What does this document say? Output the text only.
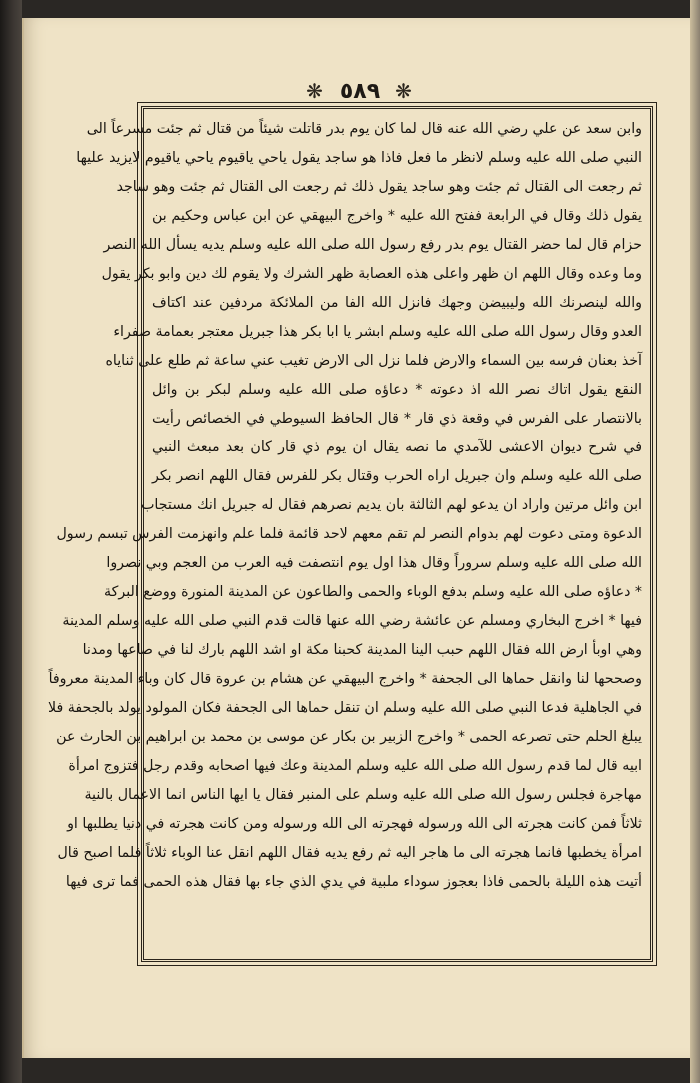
❋ ٥٨٩ ❋
وابن سعد عن علي رضي الله عنه قال لما كان يوم بدر قاتلت شيئاً من قتال ثم جئت مسرعاً الى
النبي صلى الله عليه وسلم لانظر ما فعل فاذا هو ساجد يقول ياحي ياقيوم ياحي ياقيوم لايزيد عليها
ثم رجعت الى القتال ثم جئت وهو ساجد يقول ذلك ثم رجعت الى القتال ثم جئت وهو ساجد
يقول ذلك وقال في الرابعة ففتح الله عليه * واخرج البيهقي عن ابن عباس وحكيم بن
حزام قال لما حضر القتال يوم بدر رفع رسول الله صلى الله عليه وسلم يديه يسأل الله النصر
وما وعده وقال اللهم ان ظهر واعلى هذه العصابة ظهر الشرك ولا يقوم لك دين وابو بكر يقول
والله لينصرنك الله وليبيضن وجهك فانزل الله الفا من الملائكة مردفين عند اكتاف
العدو وقال رسول الله صلى الله عليه وسلم ابشر يا ابا بكر هذا جبريل معتجر بعمامة صفراء
آخذ بعنان فرسه بين السماء والارض فلما نزل الى الارض تغيب عني ساعة ثم طلع على ثناياه
النقع يقول اتاك نصر الله اذ دعوته * دعاؤه صلى الله عليه وسلم لبكر بن وائل
بالانتصار على الفرس في وقعة ذي قار * قال الحافظ السيوطي في الخصائص رأيت
في شرح ديوان الاعشى للآمدي ما نصه يقال ان يوم ذي قار كان بعد مبعث النبي
صلى الله عليه وسلم وان جبريل اراه الحرب وقتال بكر للفرس فقال اللهم انصر بكر
ابن وائل مرتين واراد ان يدعو لهم الثالثة بان يديم نصرهم فقال له جبريل انك مستجاب
الدعوة ومتى دعوت لهم بدوام النصر لم تقم معهم لاحد قائمة فلما علم وانهزمت الفرس تبسم رسول
الله صلى الله عليه وسلم سروراً وقال هذا اول يوم انتصفت فيه العرب من العجم وبي نصروا
* دعاؤه صلى الله عليه وسلم بدفع الوباء والحمى والطاعون عن المدينة المنورة ووضع البركة
فيها * اخرج البخاري ومسلم عن عائشة رضي الله عنها قالت قدم النبي صلى الله عليه وسلم المدينة
وهي اوبأ ارض الله فقال اللهم حبب الينا المدينة كحبنا مكة او اشد اللهم بارك لنا في صاعها ومدنا
وصححها لنا وانقل حماها الى الجحفة * واخرج البيهقي عن هشام بن عروة قال كان وباء المدينة معروفاً
في الجاهلية فدعا النبي صلى الله عليه وسلم ان تنقل حماها الى الجحفة فكان المولود يولد بالجحفة فلا
يبلغ الحلم حتى تصرعه الحمى * واخرج الزبير بن بكار عن موسى بن محمد بن ابراهيم بن الحارث عن
ابيه قال لما قدم رسول الله صلى الله عليه وسلم المدينة وعك فيها اصحابه وقدم رجل فتزوج امرأة
مهاجرة فجلس رسول الله صلى الله عليه وسلم على المنبر فقال يا ايها الناس انما الاعمال بالنية
ثلاثاً فمن كانت هجرته الى الله ورسوله فهجرته الى الله ورسوله ومن كانت هجرته في دنيا يطلبها او
امرأة يخطبها فانما هجرته الى ما هاجر اليه ثم رفع يديه فقال اللهم انقل عنا الوباء ثلاثاً فلما اصبح قال
أتيت هذه الليلة بالحمى فاذا بعجوز سوداء ملبية في يدي الذي جاء بها فقال هذه الحمى فما ترى فيها
